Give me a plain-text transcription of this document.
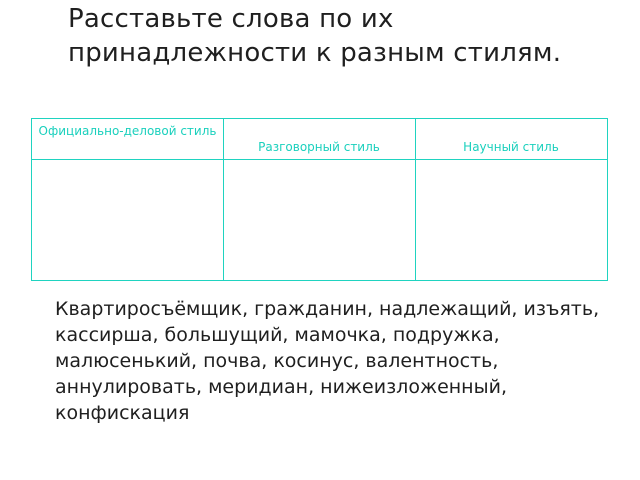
Расставьте слова по их принадлежности к разным стилям.
Официально-деловой стиль
Разговорный стиль	Научный стиль
Квартиросъёмщик, гражданин, надлежащий, изъять, кассирша, большущий, мамочка, подружка, малюсенький, почва, косинус, валентность, аннулировать, меридиан, нижеизложенный, конфискация
